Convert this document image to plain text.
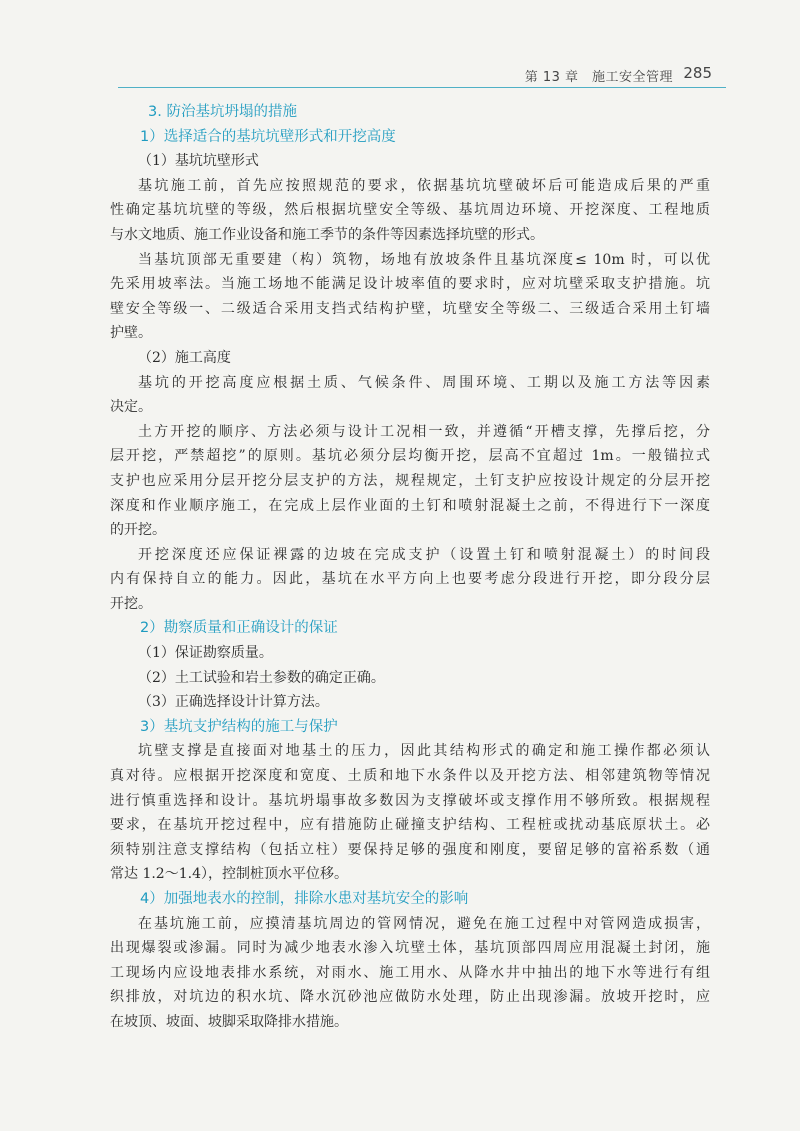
第 13 章　施工安全管理 285
3. 防治基坑坍塌的措施
1）选择适合的基坑坑壁形式和开挖高度
（1）基坑坑壁形式
基坑施工前，首先应按照规范的要求，依据基坑坑壁破坏后可能造成后果的严重
性确定基坑坑壁的等级，然后根据坑壁安全等级、基坑周边环境、开挖深度、工程地质
与水文地质、施工作业设备和施工季节的条件等因素选择坑壁的形式。
当基坑顶部无重要建（构）筑物，场地有放坡条件且基坑深度≤ 10m 时，可以优
先采用坡率法。当施工场地不能满足设计坡率值的要求时，应对坑壁采取支护措施。坑
壁安全等级一、二级适合采用支挡式结构护壁，坑壁安全等级二、三级适合采用土钉墙
护壁。
（2）施工高度
基坑的开挖高度应根据土质、气候条件、周围环境、工期以及施工方法等因素
决定。
土方开挖的顺序、方法必须与设计工况相一致，并遵循“开槽支撑，先撑后挖，分
层开挖，严禁超挖”的原则。基坑必须分层均衡开挖，层高不宜超过 1m。一般锚拉式
支护也应采用分层开挖分层支护的方法，规程规定，土钉支护应按设计规定的分层开挖
深度和作业顺序施工，在完成上层作业面的土钉和喷射混凝土之前，不得进行下一深度
的开挖。
开挖深度还应保证裸露的边坡在完成支护（设置土钉和喷射混凝土）的时间段
内有保持自立的能力。因此，基坑在水平方向上也要考虑分段进行开挖，即分段分层
开挖。
2）勘察质量和正确设计的保证
（1）保证勘察质量。
（2）土工试验和岩土参数的确定正确。
（3）正确选择设计计算方法。
3）基坑支护结构的施工与保护
坑壁支撑是直接面对地基土的压力，因此其结构形式的确定和施工操作都必须认
真对待。应根据开挖深度和宽度、土质和地下水条件以及开挖方法、相邻建筑物等情况
进行慎重选择和设计。基坑坍塌事故多数因为支撑破坏或支撑作用不够所致。根据规程
要求，在基坑开挖过程中，应有措施防止碰撞支护结构、工程桩或扰动基底原状土。必
须特别注意支撑结构（包括立柱）要保持足够的强度和刚度，要留足够的富裕系数（通
常达 1.2～1.4），控制桩顶水平位移。
4）加强地表水的控制，排除水患对基坑安全的影响
在基坑施工前，应摸清基坑周边的管网情况，避免在施工过程中对管网造成损害，
出现爆裂或渗漏。同时为减少地表水渗入坑壁土体，基坑顶部四周应用混凝土封闭，施
工现场内应设地表排水系统，对雨水、施工用水、从降水井中抽出的地下水等进行有组
织排放，对坑边的积水坑、降水沉砂池应做防水处理，防止出现渗漏。放坡开挖时，应
在坡顶、坡面、坡脚采取降排水措施。
